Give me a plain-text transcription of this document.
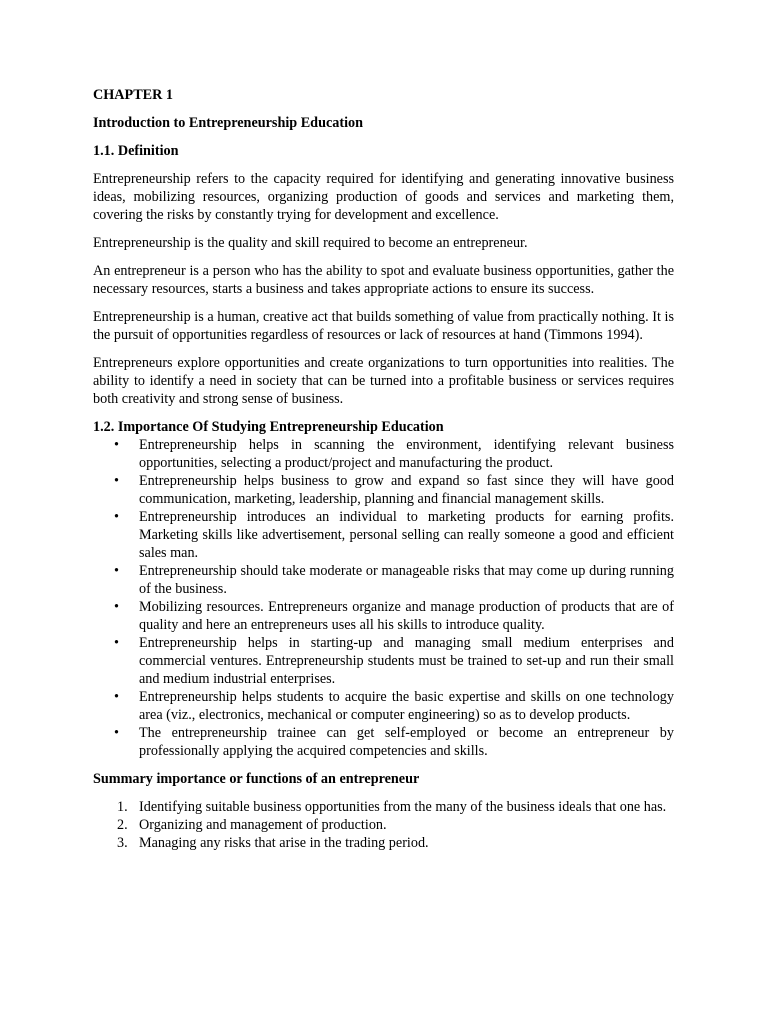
CHAPTER 1
Introduction to Entrepreneurship Education
1.1. Definition
Entrepreneurship refers to the capacity required for identifying and generating innovative business ideas, mobilizing resources, organizing production of goods and services and marketing them, covering the risks by constantly trying for development and excellence.
Entrepreneurship is the quality and skill required to become an entrepreneur.
An entrepreneur is a person who has the ability to spot and evaluate business opportunities, gather the necessary resources, starts a business and takes appropriate actions to ensure its success.
Entrepreneurship is a human, creative act that builds something of value from practically nothing. It is the pursuit of opportunities regardless of resources or lack of resources at hand (Timmons 1994).
Entrepreneurs explore opportunities and create organizations to turn opportunities into realities. The ability to identify a need in society that can be turned into a profitable business or services requires both creativity and strong sense of business.
1.2. Importance Of Studying Entrepreneurship Education
• Entrepreneurship helps in scanning the environment, identifying relevant business opportunities, selecting a product/project and manufacturing the product.
• Entrepreneurship helps business to grow and expand so fast since they will have good communication, marketing, leadership, planning and financial management skills.
• Entrepreneurship introduces an individual to marketing products for earning profits. Marketing skills like advertisement, personal selling can really someone a good and efficient sales man.
• Entrepreneurship should take moderate or manageable risks that may come up during running of the business.
• Mobilizing resources. Entrepreneurs organize and manage production of products that are of quality and here an entrepreneurs uses all his skills to introduce quality.
• Entrepreneurship helps in starting-up and managing small medium enterprises and commercial ventures. Entrepreneurship students must be trained to set-up and run their small and medium industrial enterprises.
• Entrepreneurship helps students to acquire the basic expertise and skills on one technology area (viz., electronics, mechanical or computer engineering) so as to develop products.
• The entrepreneurship trainee can get self-employed or become an entrepreneur by professionally applying the acquired competencies and skills.
Summary importance or functions of an entrepreneur
1. Identifying suitable business opportunities from the many of the business ideals that one has.
2. Organizing and management of production.
3. Managing any risks that arise in the trading period.
